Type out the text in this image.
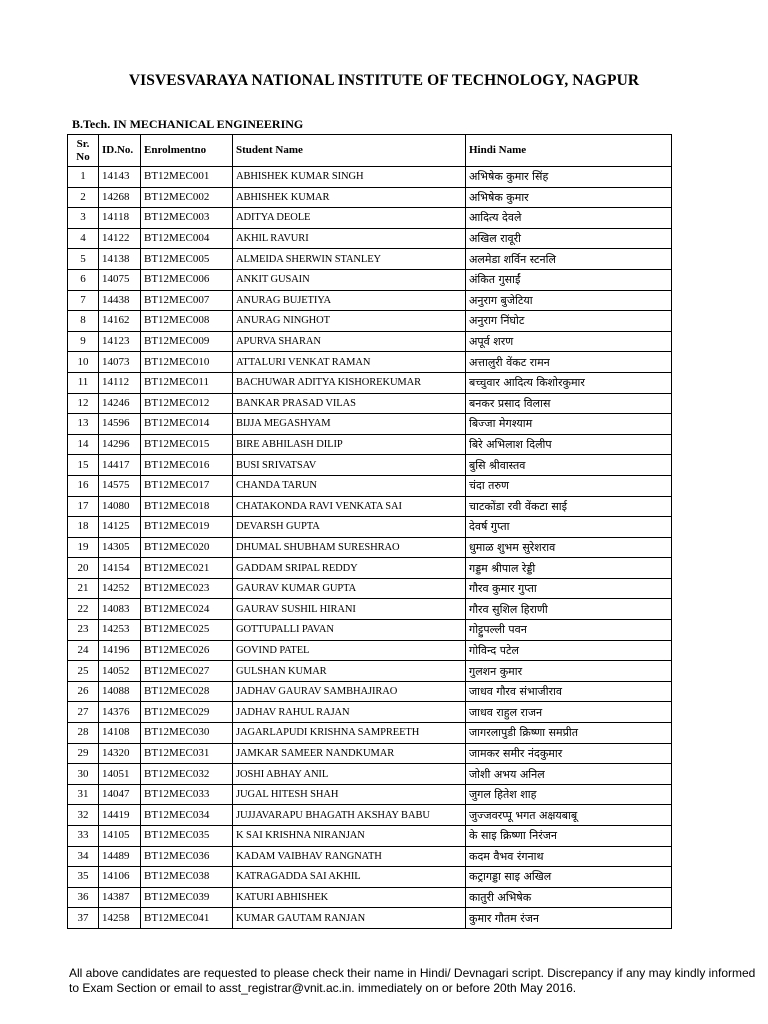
VISVESVARAYA NATIONAL INSTITUTE OF TECHNOLOGY, NAGPUR
B.Tech. IN MECHANICAL ENGINEERING
Sr.
No	ID.No.	Enrolmentno	Student Name	Hindi Name
1	14143	BT12MEC001	ABHISHEK KUMAR SINGH	अभिषेक कुमार सिंह
2	14268	BT12MEC002	ABHISHEK KUMAR	अभिषेक कुमार
3	14118	BT12MEC003	ADITYA DEOLE	आदित्य देवले
4	14122	BT12MEC004	AKHIL RAVURI	अखिल रावूरी
5	14138	BT12MEC005	ALMEIDA SHERWIN STANLEY	अलमेडा शर्विन स्टनलि
6	14075	BT12MEC006	ANKIT GUSAIN	अंकित गुसाईं
7	14438	BT12MEC007	ANURAG BUJETIYA	अनुराग बुजेटिया
8	14162	BT12MEC008	ANURAG NINGHOT	अनुराग निंघोट
9	14123	BT12MEC009	APURVA SHARAN	अपूर्व शरण
10	14073	BT12MEC010	ATTALURI VENKAT RAMAN	अत्तालुरी वेंकट रामन
11	14112	BT12MEC011	BACHUWAR ADITYA KISHOREKUMAR	बच्चुवार आदित्य किशोरकुमार
12	14246	BT12MEC012	BANKAR PRASAD VILAS	बनकर प्रसाद विलास
13	14596	BT12MEC014	BIJJA MEGASHYAM	बिज्जा मेगश्याम
14	14296	BT12MEC015	BIRE ABHILASH DILIP	बिरे अभिलाश दिलीप
15	14417	BT12MEC016	BUSI SRIVATSAV	बुसि श्रीवास्तव
16	14575	BT12MEC017	CHANDA TARUN	चंदा तरुण
17	14080	BT12MEC018	CHATAKONDA RAVI VENKATA SAI	चाटकोंडा रवी वेंकटा साई
18	14125	BT12MEC019	DEVARSH GUPTA	देवर्ष गुप्ता
19	14305	BT12MEC020	DHUMAL SHUBHAM SURESHRAO	धुमाळ शुभम सुरेशराव
20	14154	BT12MEC021	GADDAM SRIPAL REDDY	गड्डम श्रीपाल रेड्डी
21	14252	BT12MEC023	GAURAV KUMAR GUPTA	गौरव कुमार गुप्ता
22	14083	BT12MEC024	GAURAV SUSHIL HIRANI	गौरव सुशिल हिराणी
23	14253	BT12MEC025	GOTTUPALLI PAVAN	गोट्टुपल्ली पवन
24	14196	BT12MEC026	GOVIND PATEL	गोविन्द पटेल
25	14052	BT12MEC027	GULSHAN KUMAR	गुलशन कुमार
26	14088	BT12MEC028	JADHAV GAURAV SAMBHAJIRAO	जाधव गौरव संभाजीराव
27	14376	BT12MEC029	JADHAV RAHUL RAJAN	जाधव राहुल राजन
28	14108	BT12MEC030	JAGARLAPUDI KRISHNA SAMPREETH	जागरलापुडी क्रिष्णा समप्रीत
29	14320	BT12MEC031	JAMKAR SAMEER NANDKUMAR	जामकर समीर नंदकुमार
30	14051	BT12MEC032	JOSHI ABHAY ANIL	जोशी अभय अनिल
31	14047	BT12MEC033	JUGAL HITESH SHAH	जुगल हितेश शाह
32	14419	BT12MEC034	JUJJAVARAPU BHAGATH AKSHAY BABU	जुज्जवरप्पू भगत अक्षयबाबू
33	14105	BT12MEC035	K SAI KRISHNA NIRANJAN	के साइ क्रिष्णा निरंजन
34	14489	BT12MEC036	KADAM VAIBHAV RANGNATH	कदम वैभव रंगनाथ
35	14106	BT12MEC038	KATRAGADDA SAI AKHIL	कट्रागड्डा साइ अखिल
36	14387	BT12MEC039	KATURI ABHISHEK	कातुरी अभिषेक
37	14258	BT12MEC041	KUMAR GAUTAM RANJAN	कुमार गौतम रंजन
All above candidates are requested to please check their name in Hindi/ Devnagari script. Discrepancy if any may kindly informed
to Exam Section or email to asst_registrar@vnit.ac.in. immediately on or before 20th May 2016.
